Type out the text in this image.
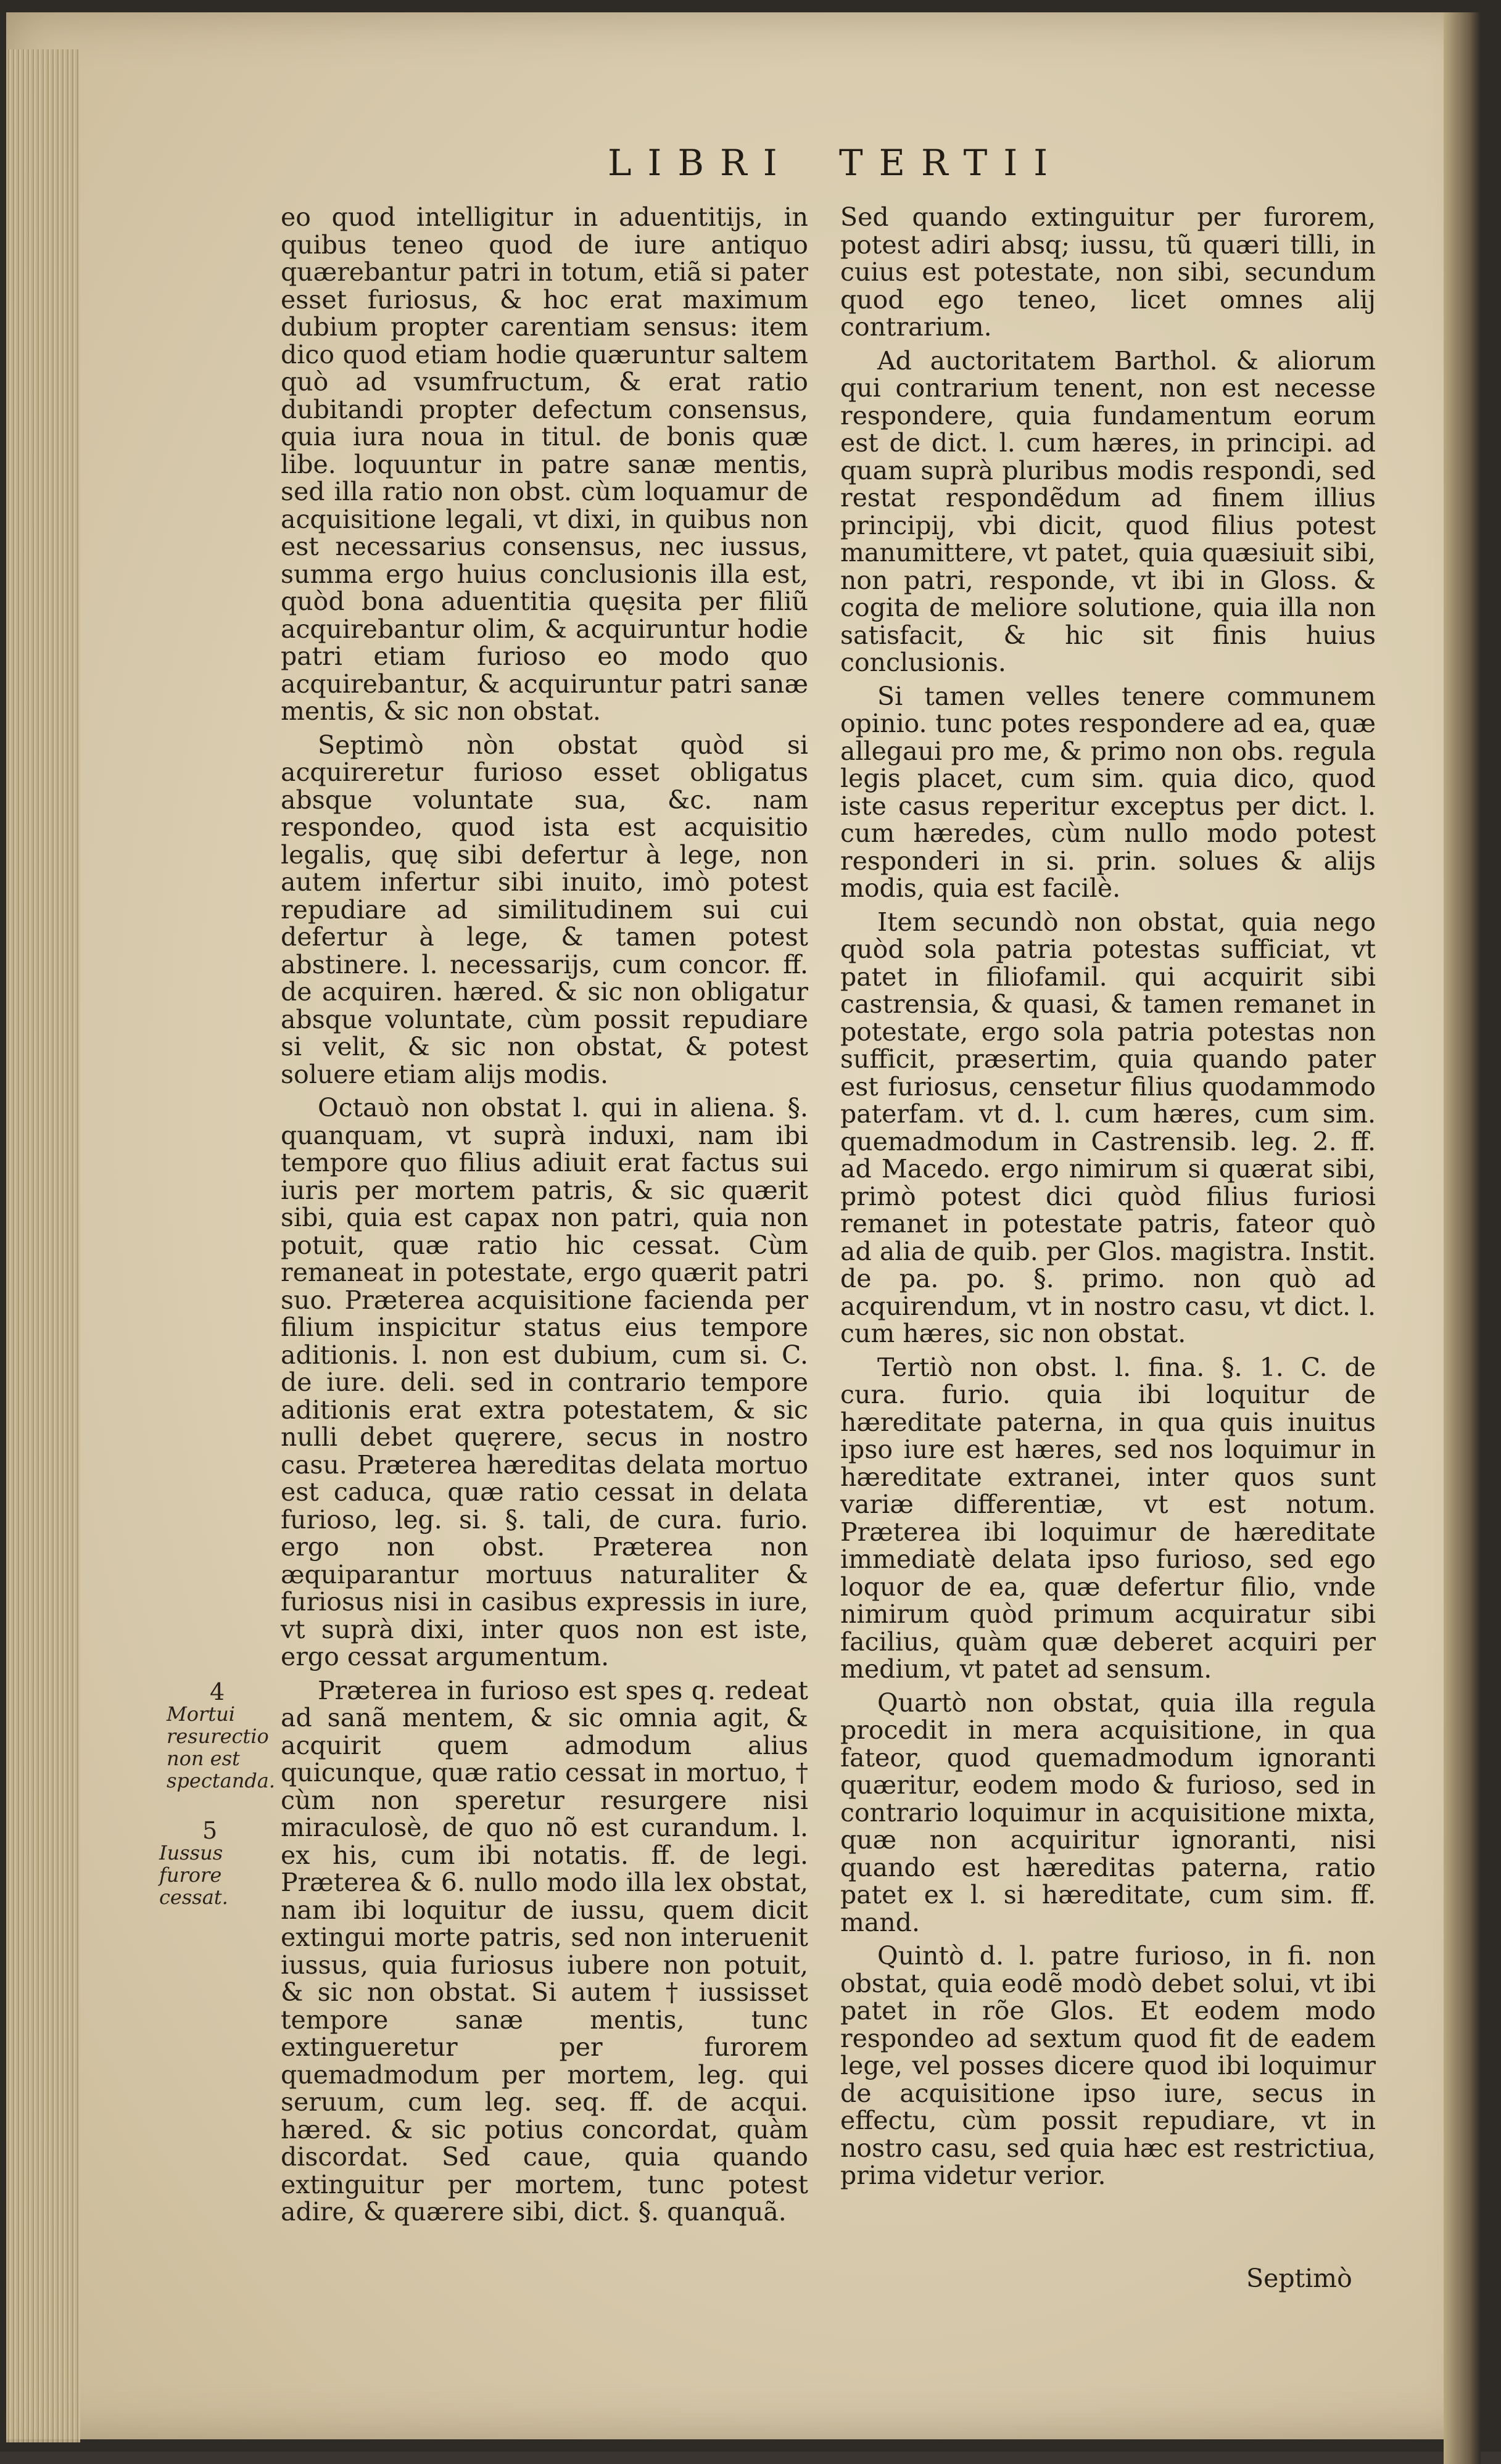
LIBRI TERTII

eo quod intelligitur in aduentitijs, in quibus teneo quod de iure antiquo quærebantur patri in totum, etiã si pater esset furiosus, & hoc erat maximum dubium propter carentiam sensus: item dico quod etiam hodie quæruntur saltem quò ad vsumfructum, & erat ratio dubitandi propter defectum consensus, quia iura noua in titul. de bonis quæ libe. loquuntur in patre sanæ mentis, sed illa ratio non obst. cùm loquamur de acquisitione legali, vt dixi, in quibus non est necessarius consensus, nec iussus, summa ergo huius conclusionis illa est, quòd bona aduentitia quęsita per filiũ acquirebantur olim, & acquiruntur hodie patri etiam furioso eo modo quo acquirebantur, & acquiruntur patri sanæ mentis, & sic non obstat.

Septimò nòn obstat quòd si acquireretur furioso esset obligatus absque voluntate sua, &c. nam respondeo, quod ista est acquisitio legalis, quę sibi defertur à lege, non autem infertur sibi inuito, imò potest repudiare ad similitudinem sui cui defertur à lege, & tamen potest abstinere. l. necessarijs, cum concor. ff. de acquiren. hæred. & sic non obligatur absque voluntate, cùm possit repudiare si velit, & sic non obstat, & potest soluere etiam alijs modis.

Octauò non obstat l. qui in aliena. §. quanquam, vt suprà induxi, nam ibi tempore quo filius adiuit erat factus sui iuris per mortem patris, & sic quærit sibi, quia est capax non patri, quia non potuit, quæ ratio hic cessat. Cùm remaneat in potestate, ergo quærit patri suo. Præterea acquisitione facienda per filium inspicitur status eius tempore aditionis. l. non est dubium, cum si. C. de iure. deli. sed in contrario tempore aditionis erat extra potestatem, & sic nulli debet quęrere, secus in nostro casu. Præterea hæreditas delata mortuo est caduca, quæ ratio cessat in delata furioso, leg. si. §. tali, de cura. furio. ergo non obst. Præterea non æquiparantur mortuus naturaliter & furiosus nisi in casibus expressis in iure, vt suprà dixi, inter quos non est iste, ergo cessat argumentum.

Præterea in furioso est spes q. redeat ad sanã mentem, & sic omnia agit, & acquirit quem admodum alius quicunque, quæ ratio cessat in mortuo, † cùm non speretur resurgere nisi miraculosè, de quo nõ est curandum. l. ex his, cum ibi notatis. ff. de legi. Præterea & 6. nullo modo illa lex obstat, nam ibi loquitur de iussu, quem dicit extingui morte patris, sed non interuenit iussus, quia furiosus iubere non potuit, & sic non obstat. Si autem † iussisset tempore sanæ mentis, tunc extingueretur per furorem quemadmodum per mortem, leg. qui seruum, cum leg. seq. ff. de acqui. hæred. & sic potius concordat, quàm discordat. Sed caue, quia quando extinguitur per mortem, tunc potest adire, & quærere sibi, dict. §. quanquã.

Sed quando extinguitur per furorem, potest adiri absq; iussu, tũ quæri tilli, in cuius est potestate, non sibi, secundum quod ego teneo, licet omnes alij contrarium.

Ad auctoritatem Barthol. & aliorum qui contrarium tenent, non est necesse respondere, quia fundamentum eorum est de dict. l. cum hæres, in principi. ad quam suprà pluribus modis respondi, sed restat respondẽdum ad finem illius principij, vbi dicit, quod filius potest manumittere, vt patet, quia quæsiuit sibi, non patri, responde, vt ibi in Gloss. & cogita de meliore solutione, quia illa non satisfacit, & hic sit finis huius conclusionis.

Si tamen velles tenere communem opinio. tunc potes respondere ad ea, quæ allegaui pro me, & primo non obs. regula legis placet, cum sim. quia dico, quod iste casus reperitur exceptus per dict. l. cum hæredes, cùm nullo modo potest responderi in si. prin. solues & alijs modis, quia est facilè.

Item secundò non obstat, quia nego quòd sola patria potestas sufficiat, vt patet in filiofamil. qui acquirit sibi castrensia, & quasi, & tamen remanet in potestate, ergo sola patria potestas non sufficit, præsertim, quia quando pater est furiosus, censetur filius quodammodo paterfam. vt d. l. cum hæres, cum sim. quemadmodum in Castrensib. leg. 2. ff. ad Macedo. ergo nimirum si quærat sibi, primò potest dici quòd filius furiosi remanet in potestate patris, fateor quò ad alia de quib. per Glos. magistra. Instit. de pa. po. §. primo. non quò ad acquirendum, vt in nostro casu, vt dict. l. cum hæres, sic non obstat.

Tertiò non obst. l. fina. §. 1. C. de cura. furio. quia ibi loquitur de hæreditate paterna, in qua quis inuitus ipso iure est hæres, sed nos loquimur in hæreditate extranei, inter quos sunt variæ differentiæ, vt est notum. Præterea ibi loquimur de hæreditate immediatè delata ipso furioso, sed ego loquor de ea, quæ defertur filio, vnde nimirum quòd primum acquiratur sibi facilius, quàm quæ deberet acquiri per medium, vt patet ad sensum.

Quartò non obstat, quia illa regula procedit in mera acquisitione, in qua fateor, quod quemadmodum ignoranti quæritur, eodem modo & furioso, sed in contrario loquimur in acquisitione mixta, quæ non acquiritur ignoranti, nisi quando est hæreditas paterna, ratio patet ex l. si hæreditate, cum sim. ff. mand.

Quintò d. l. patre furioso, in fi. non obstat, quia eodẽ modò debet solui, vt ibi patet in rõe Glos. Et eodem modo respondeo ad sextum quod fit de eadem lege, vel posses dicere quod ibi loquimur de acquisitione ipso iure, secus in effectu, cùm possit repudiare, vt in nostro casu, sed quia hæc est restrictiua, prima videtur verior.

4
Mortui resurectio non est spectanda.
5
Iussus furore cessat.
Septimò
